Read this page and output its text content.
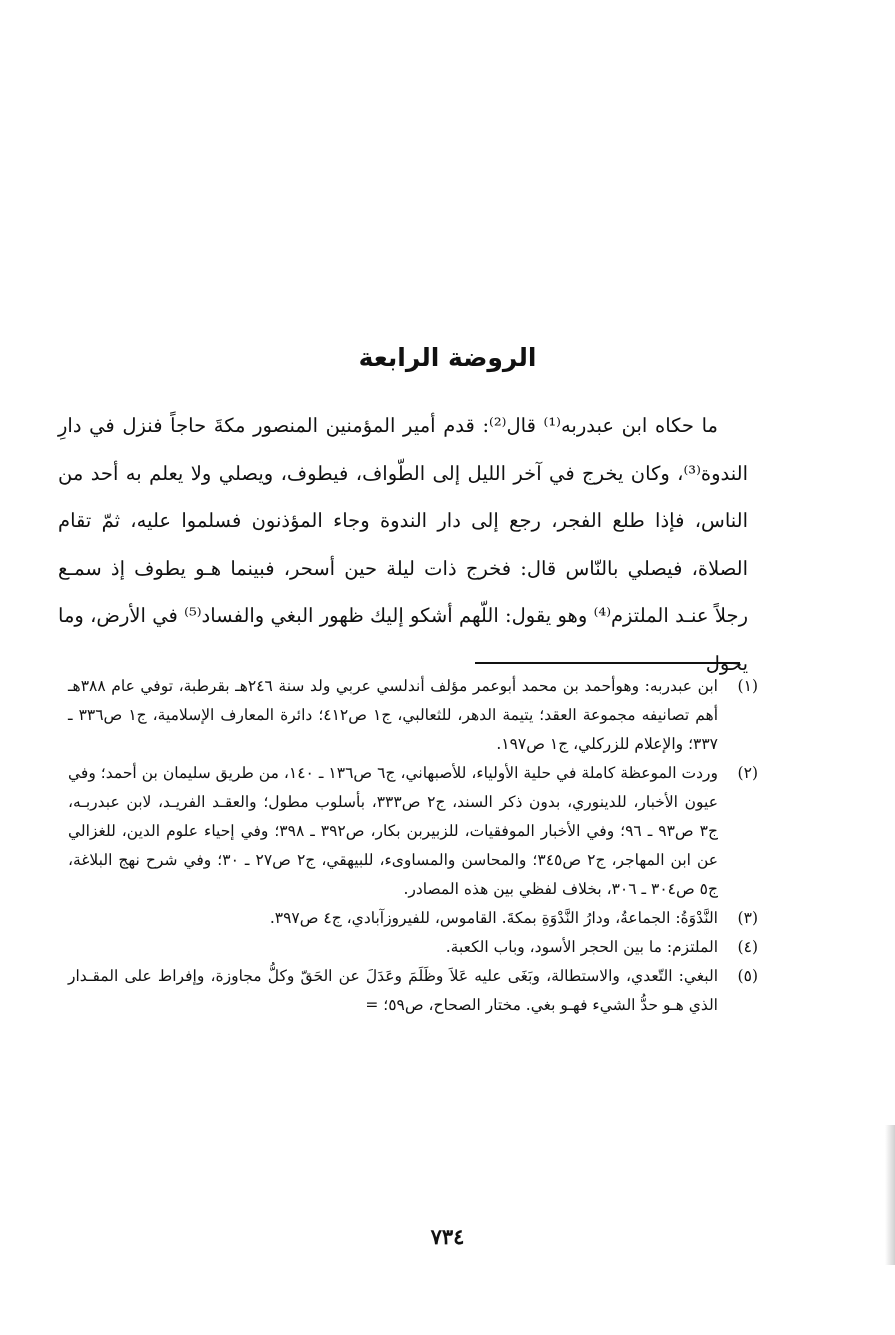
الروضة الرابعة

ما حكاه ابن عبدربه⁽¹⁾ قال⁽²⁾: قدم أمير المؤمنين المنصور مكةَ حاجاً فنزل في دارِ الندوة⁽³⁾، وكان يخرج في آخر الليل إلى الطّواف، فيطوف، ويصلي ولا يعلم به أحد من الناس، فإذا طلع الفجر، رجع إلى دار الندوة وجاء المؤذنون فسلموا عليه، ثمّ تقام الصلاة، فيصلي بالنّاس قال: فخرج ذات ليلة حين أسحر، فبينما هـو يطوف إذ سمـع رجلاً عنـد الملتزم⁽⁴⁾ وهو يقول: اللّهم أشكو إليك ظهور البغي والفساد⁽⁵⁾ في الأرض، وما يحول

(١)
ابن عبدربه: وهوأحمد بن محمد أبوعمر مؤلف أندلسي عربي ولد سنة ٢٤٦هـ بقرطبة، توفي عام ٣٨٨هـ أهم تصانيفه مجموعة العقد؛ يتيمة الدهر، للثعالبي، ج١ ص٤١٢؛ دائرة المعارف الإسلامية، ج١ ص٣٣٦ ـ ٣٣٧؛ والإعلام للزركلي، ج١ ص١٩٧.
(٢)
وردت الموعظة كاملة في حلية الأولياء، للأصبهاني، ج٦ ص١٣٦ ـ ١٤٠، من طريق سليمان بن أحمد؛ وفي عيون الأخبار، للدينوري، بدون ذكر السند، ج٢ ص٣٣٣، بأسلوب مطول؛ والعقـد الفريـد، لابن عبدربـه، ج٣ ص٩٣ ـ ٩٦؛ وفي الأخبار الموفقيات، للزبيربن بكار، ص٣٩٢ ـ ٣٩٨؛ وفي إحياء علوم الدين، للغزالي عن ابن المهاجر، ج٢ ص٣٤٥؛ والمحاسن والمساوىء، للبيهقي، ج٢ ص٢٧ ـ ٣٠؛ وفي شرح نهج البلاغة، ج٥ ص٣٠٤ ـ ٣٠٦، بخلاف لفظي بين هذه المصادر.
(٣)
النَّدْوَةُ: الجماعةُ، ودارُ النَّدْوَةِ بمكةَ. القاموس، للفيروزآبادي، ج٤ ص٣٩٧.
(٤)
الملتزم: ما بين الحجر الأسود، وباب الكعبة.
(٥)
البغي: التّعدي، والاستطالة، وبَغَى عليه عَلاَ وظَلَمَ وعَدَلَ عن الحَقّ وكلُّ مجاوزة، وإفراط على المقـدار الذي هـو حدُّ الشيء فهـو بغي. مختار الصحاح، ص٥٩؛ =
٧٣٤
